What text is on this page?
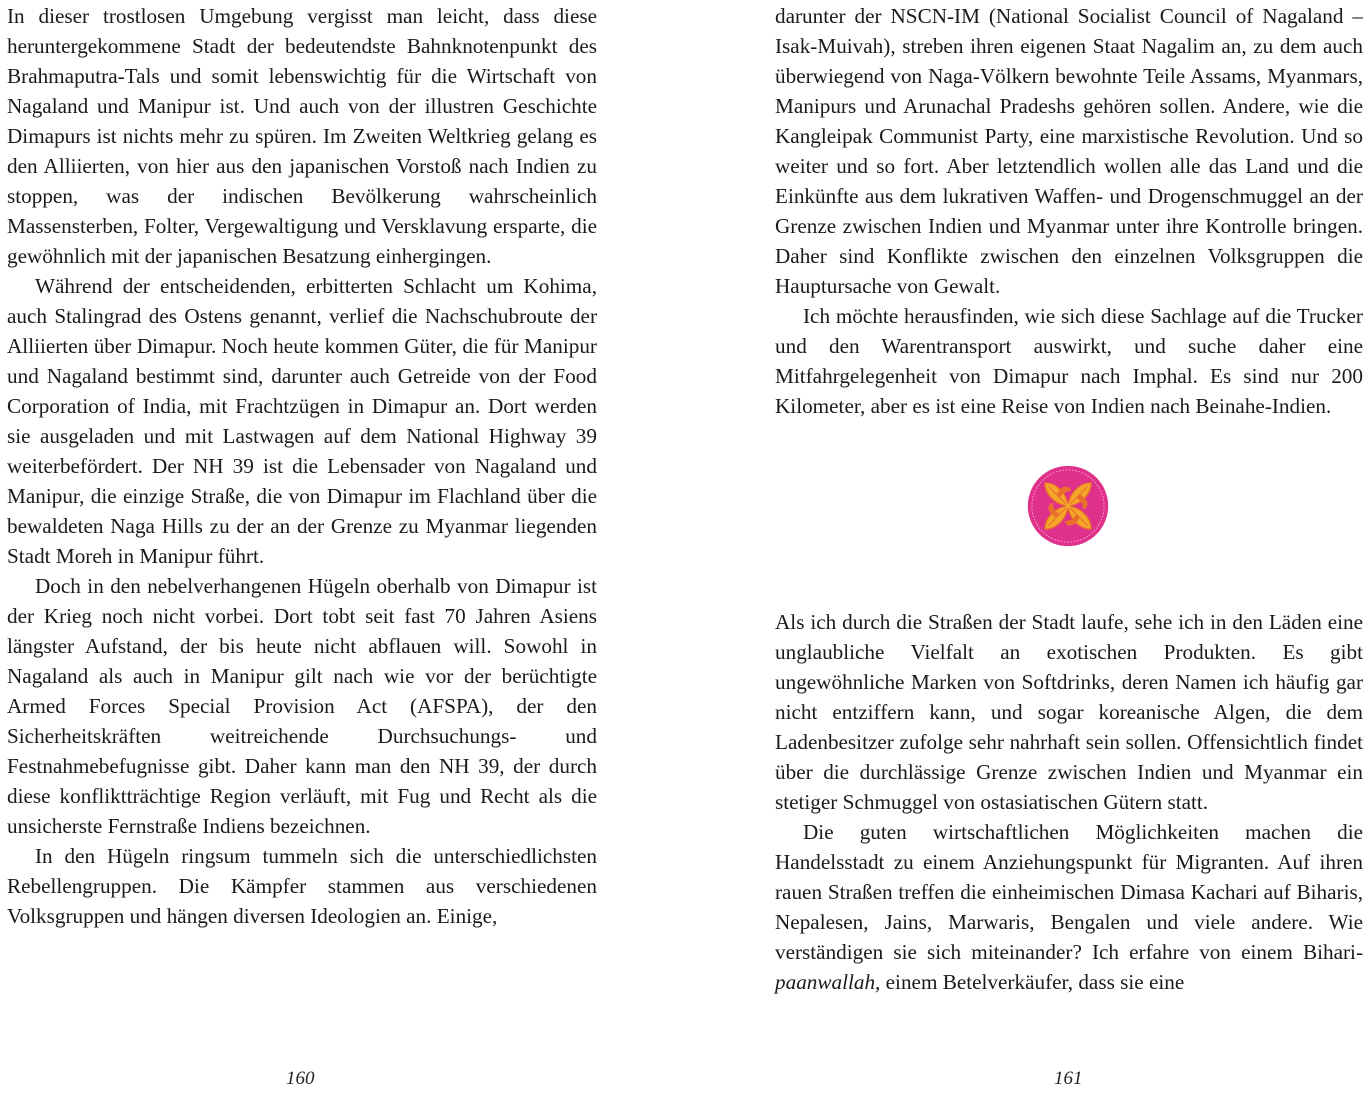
In dieser trostlosen Umgebung vergisst man leicht, dass diese heruntergekommene Stadt der bedeutendste Bahnknotenpunkt des Brahmaputra-Tals und somit lebenswichtig für die Wirtschaft von Nagaland und Manipur ist. Und auch von der illustren Geschichte Dimapurs ist nichts mehr zu spüren. Im Zweiten Weltkrieg gelang es den Alliierten, von hier aus den japanischen Vorstoß nach Indien zu stoppen, was der indischen Bevölkerung wahrscheinlich Massensterben, Folter, Vergewaltigung und Versklavung ersparte, die gewöhnlich mit der japanischen Besatzung einhergingen.

Während der entscheidenden, erbitterten Schlacht um Kohima, auch Stalingrad des Ostens genannt, verlief die Nachschubroute der Alliierten über Dimapur. Noch heute kommen Güter, die für Manipur und Nagaland bestimmt sind, darunter auch Getreide von der Food Corporation of India, mit Frachtzügen in Dimapur an. Dort werden sie ausgeladen und mit Lastwagen auf dem National Highway 39 weiterbefördert. Der NH 39 ist die Lebensader von Nagaland und Manipur, die einzige Straße, die von Dimapur im Flachland über die bewaldeten Naga Hills zu der an der Grenze zu Myanmar liegenden Stadt Moreh in Manipur führt.

Doch in den nebelverhangenen Hügeln oberhalb von Dimapur ist der Krieg noch nicht vorbei. Dort tobt seit fast 70 Jahren Asiens längster Aufstand, der bis heute nicht abflauen will. Sowohl in Nagaland als auch in Manipur gilt nach wie vor der berüchtigte Armed Forces Special Provision Act (AFSPA), der den Sicherheitskräften weitreichende Durchsuchungs- und Festnahmebefugnisse gibt. Daher kann man den NH 39, der durch diese konfliktträchtige Region verläuft, mit Fug und Recht als die unsicherste Fernstraße Indiens bezeichnen.

In den Hügeln ringsum tummeln sich die unterschiedlichsten Rebellengruppen. Die Kämpfer stammen aus verschiedenen Volksgruppen und hängen diversen Ideologien an. Einige,

160

darunter der NSCN-IM (National Socialist Council of Nagaland – Isak-Muivah), streben ihren eigenen Staat Nagalim an, zu dem auch überwiegend von Naga-Völkern bewohnte Teile Assams, Myanmars, Manipurs und Arunachal Pradeshs gehören sollen. Andere, wie die Kangleipak Communist Party, eine marxistische Revolution. Und so weiter und so fort. Aber letztendlich wollen alle das Land und die Einkünfte aus dem lukrativen Waffen- und Drogenschmuggel an der Grenze zwischen Indien und Myanmar unter ihre Kontrolle bringen. Daher sind Konflikte zwischen den einzelnen Volksgruppen die Hauptursache von Gewalt.

Ich möchte herausfinden, wie sich diese Sachlage auf die Trucker und den Warentransport auswirkt, und suche daher eine Mitfahrgelegenheit von Dimapur nach Imphal. Es sind nur 200 Kilometer, aber es ist eine Reise von Indien nach Beinahe-Indien.

Als ich durch die Straßen der Stadt laufe, sehe ich in den Läden eine unglaubliche Vielfalt an exotischen Produkten. Es gibt ungewöhnliche Marken von Softdrinks, deren Namen ich häufig gar nicht entziffern kann, und sogar koreanische Algen, die dem Ladenbesitzer zufolge sehr nahrhaft sein sollen. Offensichtlich findet über die durchlässige Grenze zwischen Indien und Myanmar ein stetiger Schmuggel von ostasiatischen Gütern statt.

Die guten wirtschaftlichen Möglichkeiten machen die Handelsstadt zu einem Anziehungspunkt für Migranten. Auf ihren rauen Straßen treffen die einheimischen Dimasa Kachari auf Biharis, Nepalesen, Jains, Marwaris, Bengalen und viele andere. Wie verständigen sie sich miteinander? Ich erfahre von einem Bihari-paanwallah, einem Betelverkäufer, dass sie eine

161
